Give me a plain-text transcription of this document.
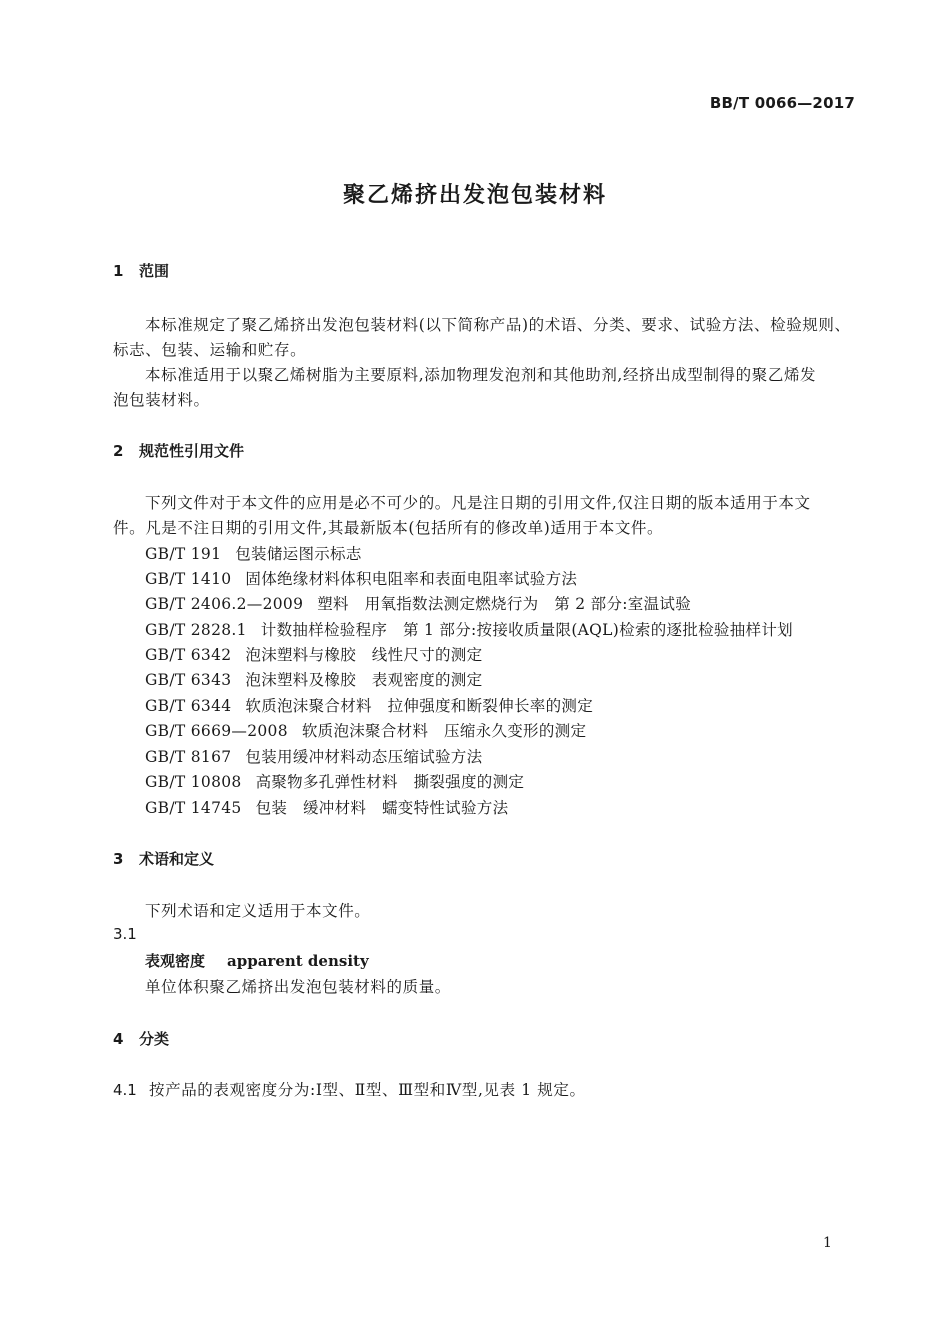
BB/T 0066—2017
聚乙烯挤出发泡包装材料
1 范围
本标准规定了聚乙烯挤出发泡包装材料(以下简称产品)的术语、分类、要求、试验方法、检验规则、
标志、包装、运输和贮存。
本标准适用于以聚乙烯树脂为主要原料,添加物理发泡剂和其他助剂,经挤出成型制得的聚乙烯发
泡包装材料。
2 规范性引用文件
下列文件对于本文件的应用是必不可少的。凡是注日期的引用文件,仅注日期的版本适用于本文
件。凡是不注日期的引用文件,其最新版本(包括所有的修改单)适用于本文件。
GB/T 191 包装储运图示标志
GB/T 1410 固体绝缘材料体积电阻率和表面电阻率试验方法
GB/T 2406.2—2009 塑料　用氧指数法测定燃烧行为　第 2 部分:室温试验
GB/T 2828.1 计数抽样检验程序　第 1 部分:按接收质量限(AQL)检索的逐批检验抽样计划
GB/T 6342 泡沫塑料与橡胶　线性尺寸的测定
GB/T 6343 泡沫塑料及橡胶　表观密度的测定
GB/T 6344 软质泡沫聚合材料　拉伸强度和断裂伸长率的测定
GB/T 6669—2008 软质泡沫聚合材料　压缩永久变形的测定
GB/T 8167 包装用缓冲材料动态压缩试验方法
GB/T 10808 高聚物多孔弹性材料　撕裂强度的测定
GB/T 14745 包装　缓冲材料　蠕变特性试验方法
3 术语和定义
下列术语和定义适用于本文件。
3.1
表观密度 apparent density
单位体积聚乙烯挤出发泡包装材料的质量。
4 分类
4.1 按产品的表观密度分为:Ⅰ型、Ⅱ型、Ⅲ型和Ⅳ型,见表 1 规定。
1
